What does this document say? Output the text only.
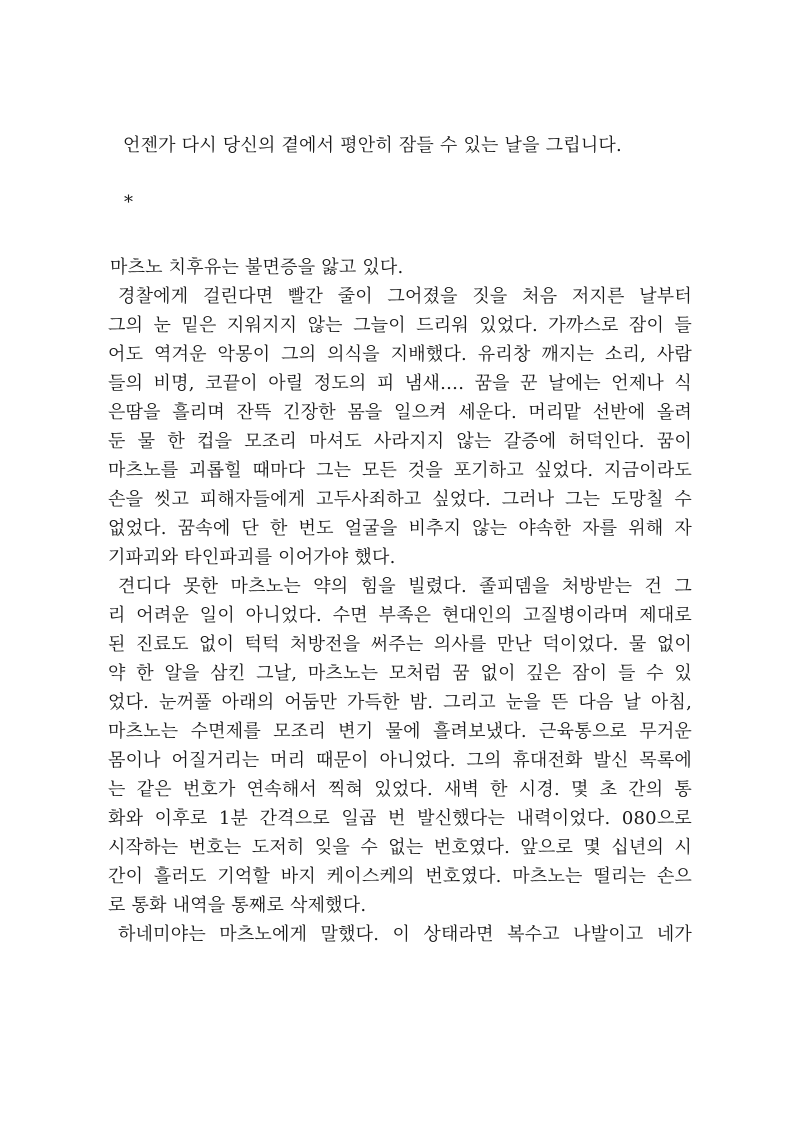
언젠가 다시 당신의 곁에서 평안히 잠들 수 있는 날을 그립니다.
*
마츠노 치후유는 불면증을 앓고 있다.
경찰에게 걸린다면 빨간 줄이 그어졌을 짓을 처음 저지른 날부터
그의 눈 밑은 지워지지 않는 그늘이 드리워 있었다. 가까스로 잠이 들
어도 역겨운 악몽이 그의 의식을 지배했다. 유리창 깨지는 소리, 사람
들의 비명, 코끝이 아릴 정도의 피 냄새…. 꿈을 꾼 날에는 언제나 식
은땀을 흘리며 잔뜩 긴장한 몸을 일으켜 세운다. 머리맡 선반에 올려
둔 물 한 컵을 모조리 마셔도 사라지지 않는 갈증에 허덕인다. 꿈이
마츠노를 괴롭힐 때마다 그는 모든 것을 포기하고 싶었다. 지금이라도
손을 씻고 피해자들에게 고두사죄하고 싶었다. 그러나 그는 도망칠 수
없었다. 꿈속에 단 한 번도 얼굴을 비추지 않는 야속한 자를 위해 자
기파괴와 타인파괴를 이어가야 했다.
견디다 못한 마츠노는 약의 힘을 빌렸다. 졸피뎀을 처방받는 건 그
리 어려운 일이 아니었다. 수면 부족은 현대인의 고질병이라며 제대로
된 진료도 없이 턱턱 처방전을 써주는 의사를 만난 덕이었다. 물 없이
약 한 알을 삼킨 그날, 마츠노는 모처럼 꿈 없이 깊은 잠이 들 수 있
었다. 눈꺼풀 아래의 어둠만 가득한 밤. 그리고 눈을 뜬 다음 날 아침,
마츠노는 수면제를 모조리 변기 물에 흘려보냈다. 근육통으로 무거운
몸이나 어질거리는 머리 때문이 아니었다. 그의 휴대전화 발신 목록에
는 같은 번호가 연속해서 찍혀 있었다. 새벽 한 시경. 몇 초 간의 통
화와 이후로 1분 간격으로 일곱 번 발신했다는 내력이었다. 080으로
시작하는 번호는 도저히 잊을 수 없는 번호였다. 앞으로 몇 십년의 시
간이 흘러도 기억할 바지 케이스케의 번호였다. 마츠노는 떨리는 손으
로 통화 내역을 통째로 삭제했다.
하네미야는 마츠노에게 말했다. 이 상태라면 복수고 나발이고 네가
